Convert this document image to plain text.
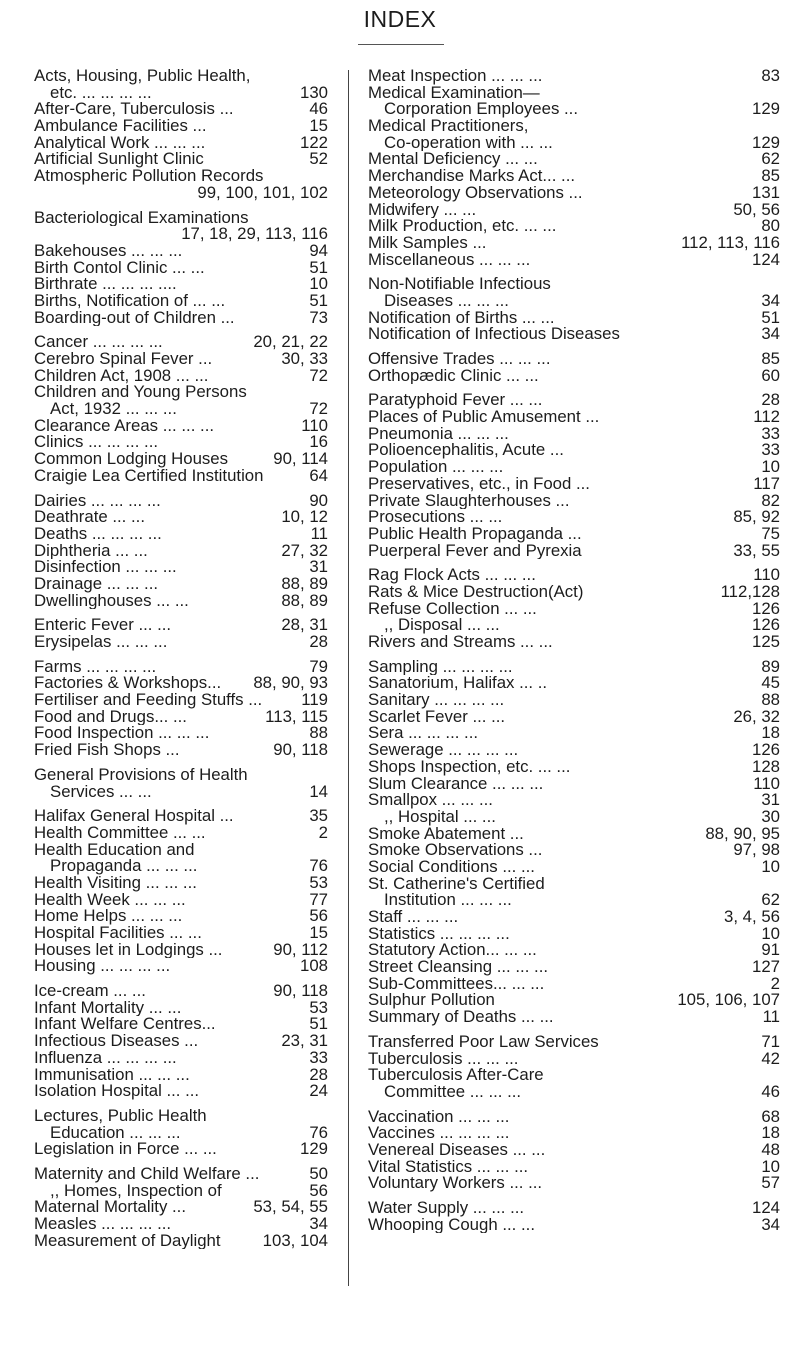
INDEX
Acts, Housing, Public Health,
etc. ... ... ... ...	130
After-Care, Tuberculosis ...	46
Ambulance Facilities ...	15
Analytical Work ... ... ...	122
Artificial Sunlight Clinic	52
Atmospheric Pollution Records
99, 100, 101, 102
Bacteriological Examinations
17, 18, 29, 113, 116
Bakehouses ... ... ...	94
Birth Contol Clinic ... ...	51
Birthrate ... ... ... ....	10
Births, Notification of ... ...	51
Boarding-out of Children ...	73
Cancer ... ... ... ...	20, 21, 22
Cerebro Spinal Fever ...	30, 33
Children Act, 1908 ... ...	72
Children and Young Persons
Act, 1932 ... ... ...	72
Clearance Areas ... ... ...	110
Clinics ... ... ... ...	16
Common Lodging Houses	90, 114
Craigie Lea Certified Institution	64
Dairies ... ... ... ...	90
Deathrate ... ...	10, 12
Deaths ... ... ... ...	11
Diphtheria ... ...	27, 32
Disinfection ... ... ...	31
Drainage ... ... ...	88, 89
Dwellinghouses ... ...	88, 89
Enteric Fever ... ...	28, 31
Erysipelas ... ... ...	28
Farms ... ... ... ...	79
Factories & Workshops... 88, 90, 93
Fertiliser and Feeding Stuffs ... 119
Food and Drugs... ...	113, 115
Food Inspection ... ... ...	88
Fried Fish Shops ...	90, 118
General Provisions of Health
Services ... ...	14
Halifax General Hospital ...	35
Health Committee ... ...	2
Health Education and
Propaganda ... ... ...	76
Health Visiting ... ... ...	53
Health Week ... ... ...	77
Home Helps ... ... ...	56
Hospital Facilities ... ...	15
Houses let in Lodgings ...	90, 112
Housing ... ... ... ...	108
Ice-cream ... ...	90, 118
Infant Mortality ... ...	53
Infant Welfare Centres...	51
Infectious Diseases ...	23, 31
Influenza ... ... ... ...	33
Immunisation ... ... ...	28
Isolation Hospital ... ...	24
Lectures, Public Health
Education ... ... ...	76
Legislation in Force ... ...	129
Maternity and Child Welfare ...	50
,, Homes, Inspection of	56
Maternal Mortality ...	53, 54, 55
Measles ... ... ... ...	34
Measurement of Daylight	103, 104
Meat Inspection ... ... ...	83
Medical Examination—
Corporation Employees ...	129
Medical Practitioners,
Co-operation with ... ...	129
Mental Deficiency ... ...	62
Merchandise Marks Act... ...	85
Meteorology Observations ...	131
Midwifery ... ...	50, 56
Milk Production, etc. ... ...	80
Milk Samples ...	112, 113, 116
Miscellaneous ... ... ...	124
Non-Notifiable Infectious
Diseases ... ... ...	34
Notification of Births ... ...	51
Notification of Infectious Diseases	34
Offensive Trades ... ... ...	85
Orthopædic Clinic ... ...	60
Paratyphoid Fever ... ...	28
Places of Public Amusement ...	112
Pneumonia ... ... ...	33
Polioencephalitis, Acute ...	33
Population ... ... ...	10
Preservatives, etc., in Food ...	117
Private Slaughterhouses ...	82
Prosecutions ... ...	85, 92
Public Health Propaganda ...	75
Puerperal Fever and Pyrexia	33, 55
Rag Flock Acts ... ... ...	110
Rats & Mice Destruction(Act)	112,128
Refuse Collection ... ...	126
,, Disposal ... ...	126
Rivers and Streams ... ...	125
Sampling ... ... ... ...	89
Sanatorium, Halifax ... ..	45
Sanitary ... ... ... ...	88
Scarlet Fever ... ...	26, 32
Sera ... ... ... ...	18
Sewerage ... ... ... ...	126
Shops Inspection, etc. ... ...	128
Slum Clearance ... ... ...	110
Smallpox ... ... ...	31
,, Hospital ... ...	30
Smoke Abatement ...	88, 90, 95
Smoke Observations ...	97, 98
Social Conditions ... ...	10
St. Catherine's Certified
Institution ... ... ...	62
Staff ... ... ...	3, 4, 56
Statistics ... ... ... ...	10
Statutory Action... ... ...	91
Street Cleansing ... ... ...	127
Sub-Committees... ... ...	2
Sulphur Pollution	105, 106, 107
Summary of Deaths ... ...	11
Transferred Poor Law Services	71
Tuberculosis ... ... ...	42
Tuberculosis After-Care
Committee ... ... ...	46
Vaccination ... ... ...	68
Vaccines ... ... ... ...	18
Venereal Diseases ... ...	48
Vital Statistics ... ... ...	10
Voluntary Workers ... ...	57
Water Supply ... ... ...	124
Whooping Cough ... ...	34
